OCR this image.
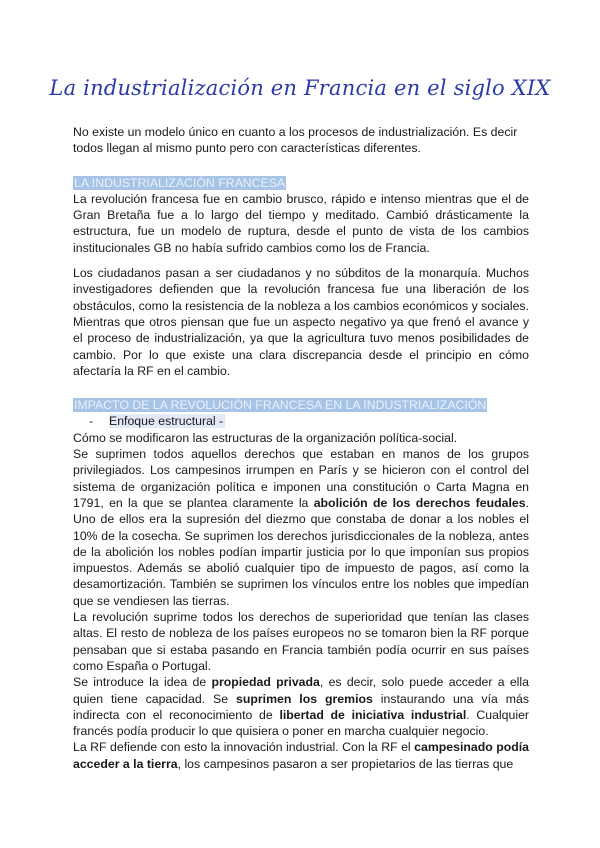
La industrialización en Francia en el siglo XIX

No existe un modelo único en cuanto a los procesos de industrialización. Es decir todos llegan al mismo punto pero con características diferentes.

LA INDUSTRIALIZACIÓN FRANCESA

La revolución francesa fue en cambio brusco, rápido e intenso mientras que el de Gran Bretaña fue a lo largo del tiempo y meditado. Cambió drásticamente la estructura, fue un modelo de ruptura, desde el punto de vista de los cambios institucionales GB no había sufrido cambios como los de Francia.

Los ciudadanos pasan a ser ciudadanos y no súbditos de la monarquía. Muchos investigadores defienden que la revolución francesa fue una liberación de los obstáculos, como la resistencia de la nobleza a los cambios económicos y sociales. Mientras que otros piensan que fue un aspecto negativo ya que frenó el avance y el proceso de industrialización, ya que la agricultura tuvo menos posibilidades de cambio. Por lo que existe una clara discrepancia desde el principio en cómo afectaría la RF en el cambio.

IMPACTO DE LA REVOLUCIÓN FRANCESA EN LA INDUSTRIALIZACIÓN
- Enfoque estructural -

Cómo se modificaron las estructuras de la organización política-social.

Se suprimen todos aquellos derechos que estaban en manos de los grupos privilegiados. Los campesinos irrumpen en París y se hicieron con el control del sistema de organización política e imponen una constitución o Carta Magna en 1791, en la que se plantea claramente la abolición de los derechos feudales. Uno de ellos era la supresión del diezmo que constaba de donar a los nobles el 10% de la cosecha. Se suprimen los derechos jurisdiccionales de la nobleza, antes de la abolición los nobles podían impartir justicia por lo que imponían sus propios impuestos. Además se abolió cualquier tipo de impuesto de pagos, así como la desamortización. También se suprimen los vínculos entre los nobles que impedían que se vendiesen las tierras.

La revolución suprime todos los derechos de superioridad que tenían las clases altas. El resto de nobleza de los países europeos no se tomaron bien la RF porque pensaban que si estaba pasando en Francia también podía ocurrir en sus países como España o Portugal.

Se introduce la idea de propiedad privada, es decir, solo puede acceder a ella quien tiene capacidad. Se suprimen los gremios instaurando una vía más indirecta con el reconocimiento de libertad de iniciativa industrial. Cualquier francés podía producir lo que quisiera o poner en marcha cualquier negocio.

La RF defiende con esto la innovación industrial. Con la RF el campesinado podía acceder a la tierra, los campesinos pasaron a ser propietarios de las tierras que
